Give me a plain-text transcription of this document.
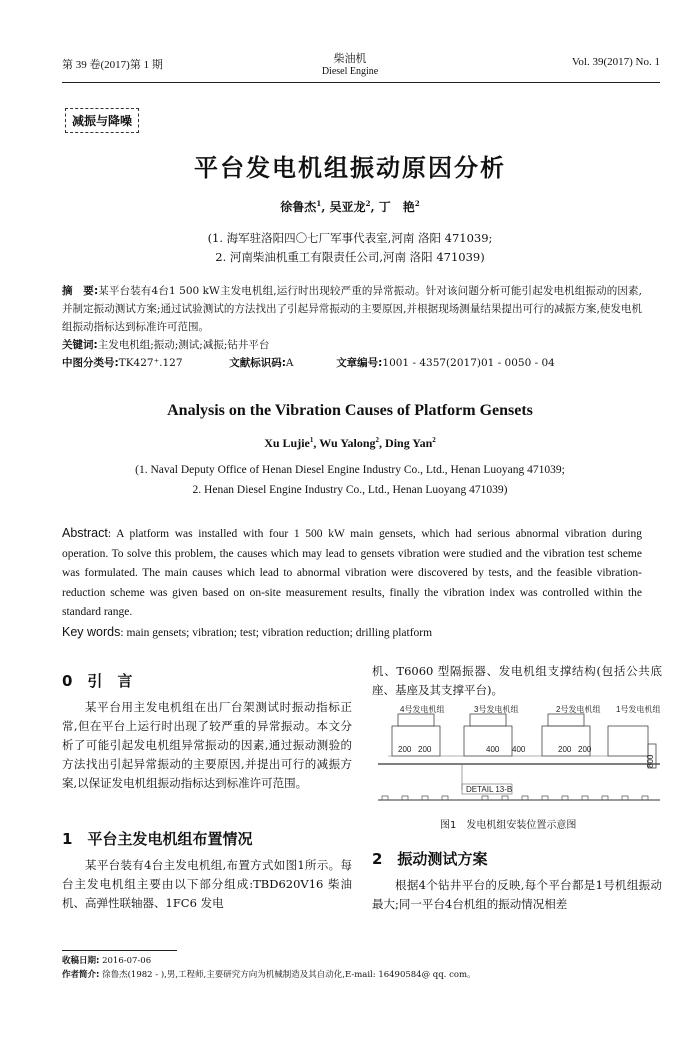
第 39 卷(2017)第 1 期	柴油机
Diesel Engine
Vol. 39(2017) No. 1
减振与降噪
平台发电机组振动原因分析
徐鲁杰$^1$, 吴亚龙$^2$, 丁　艳$^2$
(1. 海军驻洛阳四〇七厂军事代表室,河南 洛阳 471039;
2. 河南柴油机重工有限责任公司,河南 洛阳 471039)
摘　要:某平台装有4台1 500 kW主发电机组,运行时出现较严重的异常振动。针对该问题分析可能引起发电机组振动的因素,并制定振动测试方案;通过试验测试的方法找出了引起异常振动的主要原因,并根据现场测量结果提出可行的减振方案,使发电机组振动指标达到标准许可范围。
关键词:主发电机组;振动;测试;减振;钻井平台
中图分类号:TK427⁺.127	文献标识码:A	文章编号:1001 - 4357(2017)01 - 0050 - 04
Analysis on the Vibration Causes of Platform Gensets
Xu Lujie$^1$, Wu Yalong$^2$, Ding Yan$^2$
(1. Naval Deputy Office of Henan Diesel Engine Industry Co., Ltd., Henan Luoyang 471039;
2. Henan Diesel Engine Industry Co., Ltd., Henan Luoyang 471039)
Abstract: A platform was installed with four 1 500 kW main gensets, which had serious abnormal vibration during operation. To solve this problem, the causes which may lead to gensets vibration were studied and the vibration test scheme was formulated. The main causes which lead to abnormal vibration were discovered by tests, and the feasible vibration-reduction scheme was given based on on-site measurement results, finally the vibration index was controlled within the standard range.
Key words: main gensets; vibration; test; vibration reduction; drilling platform
0　引　言
某平台用主发电机组在出厂台架测试时振动指标正常,但在平台上运行时出现了较严重的异常振动。本文分析了可能引起发电机组异常振动的因素,通过振动测验的方法找出引起异常振动的主要原因,并提出可行的减振方案,以保证发电机组振动指标达到标准许可范围。
1　平台主发电机组布置情况
某平台装有4台主发电机组,布置方式如图1所示。每台主发电机组主要由以下部分组成:TBD620V16 柴油机、高弹性联轴器、1FC6 发电
机、T6060 型隔振器、发电机组支撑结构(包括公共底座、基座及其支撑平台)。
4号发电机组	3号发电机组	2号发电机组 1号发电机组
200 200	400 400	200 200
800
DETAIL 13-B
图1　发电机组安装位置示意图
2　振动测试方案
根据4个钻井平台的反映,每个平台都是1号机组振动最大;同一平台4台机组的振动情况相差
收稿日期: 2016-07-06
作者简介: 徐鲁杰(1982 - ),男,工程师,主要研究方向为机械制造及其自动化,E-mail: 16490584@ qq. com。
